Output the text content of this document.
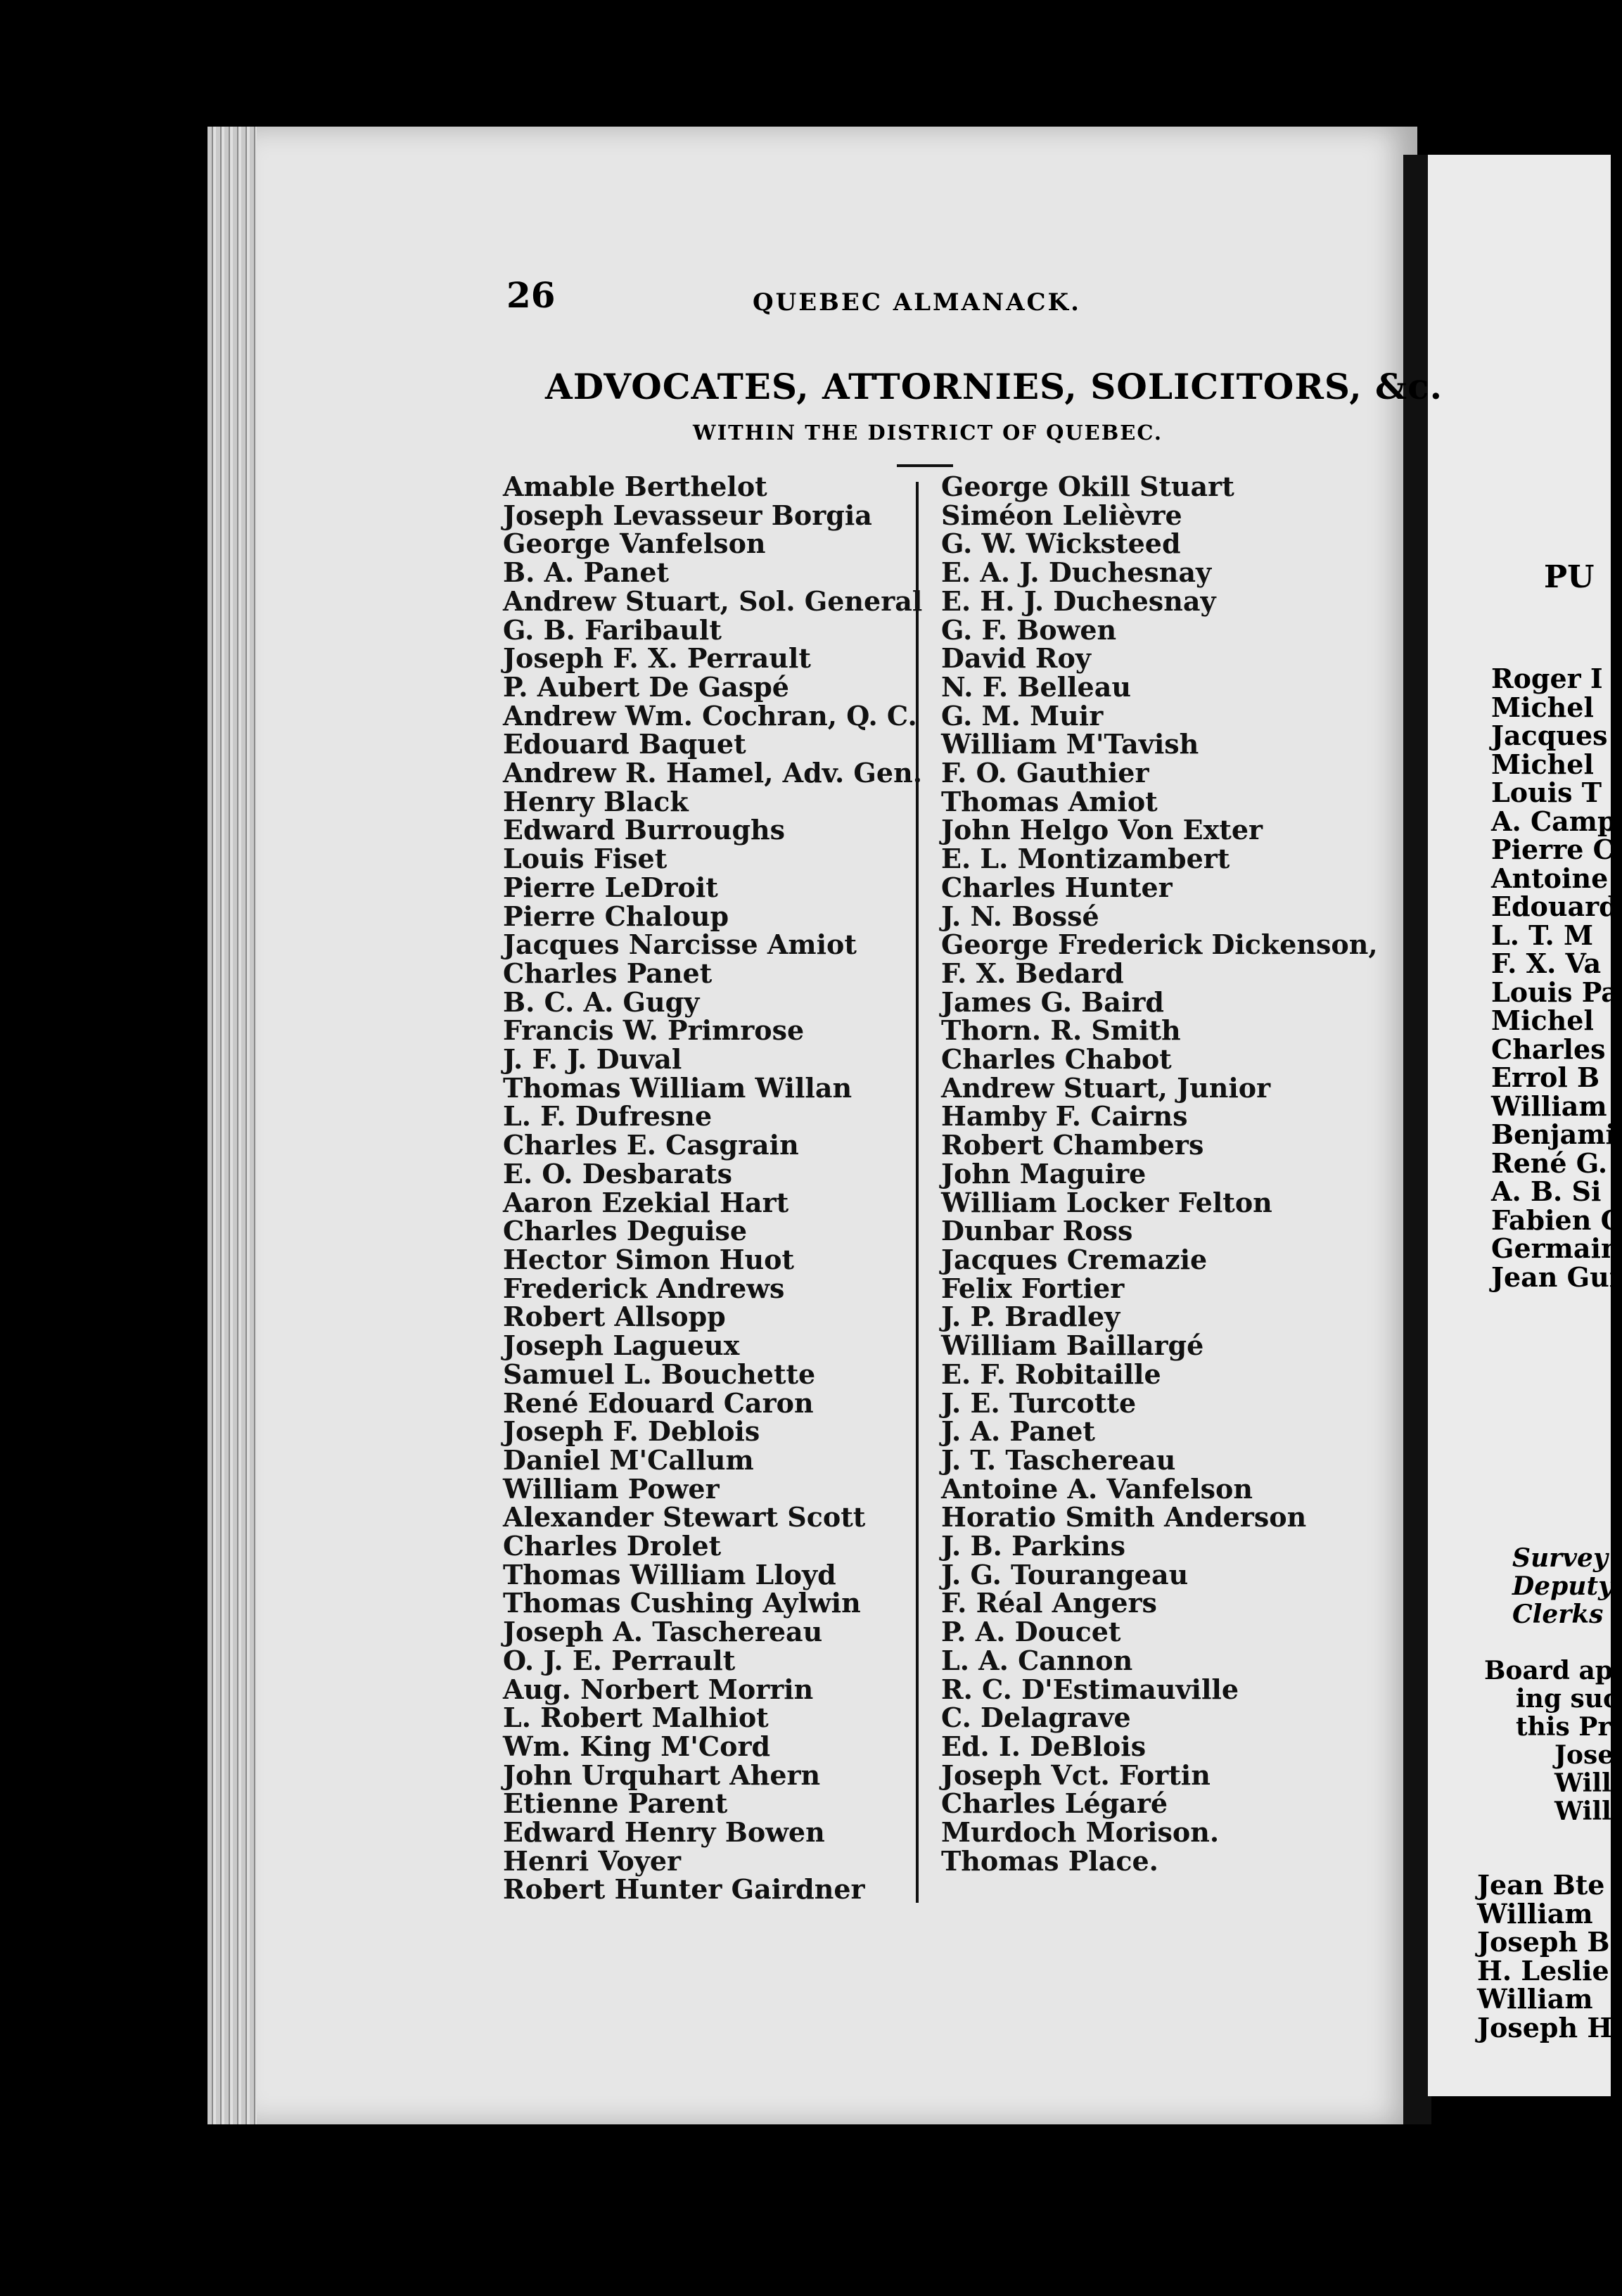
PU
Roger I
Michel
Jacques
Michel
Louis T
A. Camp
Pierre C
Antoine
Edouard
L. T. M
F. X. Va
Louis Pa
Michel
Charles
Errol B
William
Benjami
René G.
A. B. Si
Fabien C
Germain
Jean Gui
Survey
Deputy
Clerks
Board ap
ing suc
this Pr
Jose
Will
Will
Jean Bte
William
Joseph B
H. Leslie
William
Joseph H
26	QUEBEC ALMANACK.
ADVOCATES, ATTORNIES, SOLICITORS, &c.
WITHIN THE DISTRICT OF QUEBEC.
Amable Berthelot
Joseph Levasseur Borgia
George Vanfelson
B. A. Panet
Andrew Stuart, Sol. General
G. B. Faribault
Joseph F. X. Perrault
P. Aubert De Gaspé
Andrew Wm. Cochran, Q. C.
Edouard Baquet
Andrew R. Hamel, Adv. Gen.
Henry Black
Edward Burroughs
Louis Fiset
Pierre LeDroit
Pierre Chaloup
Jacques Narcisse Amiot
Charles Panet
B. C. A. Gugy
Francis W. Primrose
J. F. J. Duval
Thomas William Willan
L. F. Dufresne
Charles E. Casgrain
E. O. Desbarats
Aaron Ezekial Hart
Charles Deguise
Hector Simon Huot
Frederick Andrews
Robert Allsopp
Joseph Lagueux
Samuel L. Bouchette
René Edouard Caron
Joseph F. Deblois
Daniel M'Callum
William Power
Alexander Stewart Scott
Charles Drolet
Thomas William Lloyd
Thomas Cushing Aylwin
Joseph A. Taschereau
O. J. E. Perrault
Aug. Norbert Morrin
L. Robert Malhiot
Wm. King M'Cord
John Urquhart Ahern
Etienne Parent
Edward Henry Bowen
Henri Voyer
Robert Hunter Gairdner
George Okill Stuart
Siméon Lelièvre
G. W. Wicksteed
E. A. J. Duchesnay
E. H. J. Duchesnay
G. F. Bowen
David Roy
N. F. Belleau
G. M. Muir
William M'Tavish
F. O. Gauthier
Thomas Amiot
John Helgo Von Exter
E. L. Montizambert
Charles Hunter
J. N. Bossé
George Frederick Dickenson,
F. X. Bedard
James G. Baird
Thorn. R. Smith
Charles Chabot
Andrew Stuart, Junior
Hamby F. Cairns
Robert Chambers
John Maguire
William Locker Felton
Dunbar Ross
Jacques Cremazie
Felix Fortier
J. P. Bradley
William Baillargé
E. F. Robitaille
J. E. Turcotte
J. A. Panet
J. T. Taschereau
Antoine A. Vanfelson
Horatio Smith Anderson
J. B. Parkins
J. G. Tourangeau
F. Réal Angers
P. A. Doucet
L. A. Cannon
R. C. D'Estimauville
C. Delagrave
Ed. I. DeBlois
Joseph Vct. Fortin
Charles Légaré
Murdoch Morison.
Thomas Place.
